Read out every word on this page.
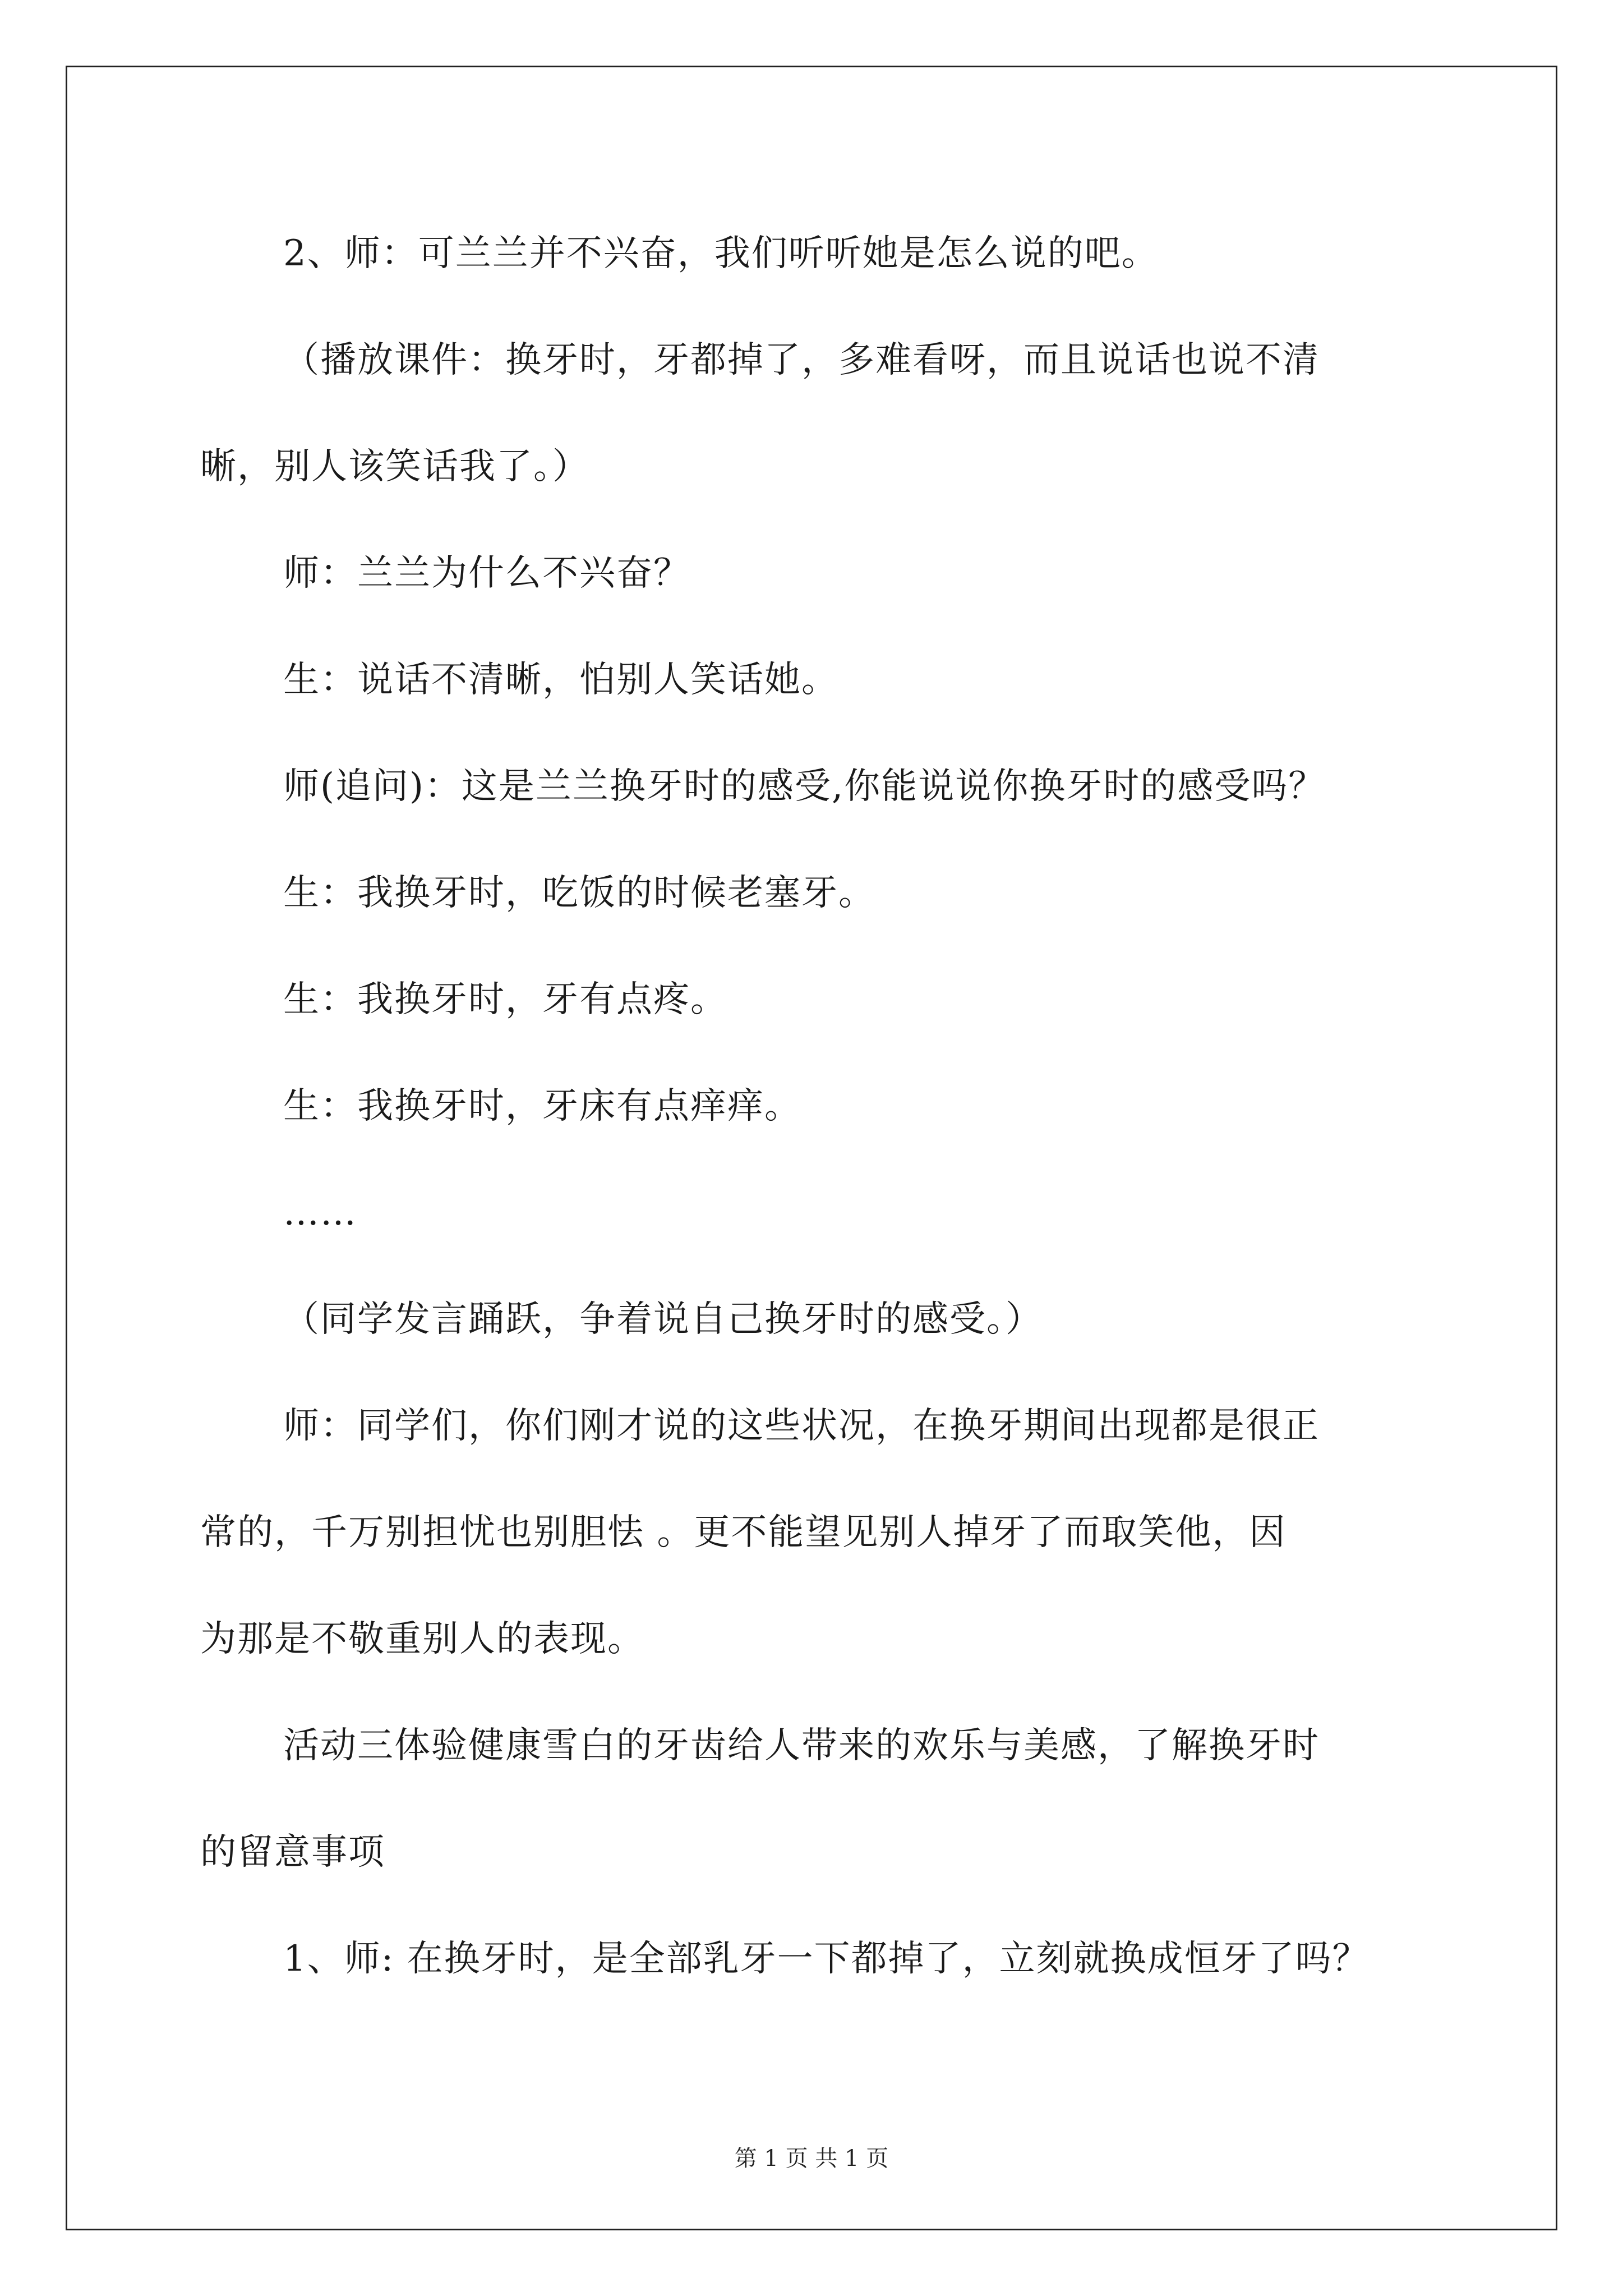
2、师：可兰兰并不兴奋，我们听听她是怎么说的吧。
（播放课件：换牙时，牙都掉了，多难看呀，而且说话也说不清
晰，别人该笑话我了。）
师：兰兰为什么不兴奋？
生：说话不清晰，怕别人笑话她。
师(追问)：这是兰兰换牙时的感受,你能说说你换牙时的感受吗？
生：我换牙时，吃饭的时候老塞牙。
生：我换牙时，牙有点疼。
生：我换牙时，牙床有点痒痒。
……
（同学发言踊跃，争着说自己换牙时的感受。）
师：同学们，你们刚才说的这些状况，在换牙期间出现都是很正
常的，千万别担忧也别胆怯 。更不能望见别人掉牙了而取笑他，因
为那是不敬重别人的表现。
活动三体验健康雪白的牙齿给人带来的欢乐与美感，了解换牙时
的留意事项
1、师: 在换牙时，是全部乳牙一下都掉了，立刻就换成恒牙了吗？
第 1 页 共 1 页
